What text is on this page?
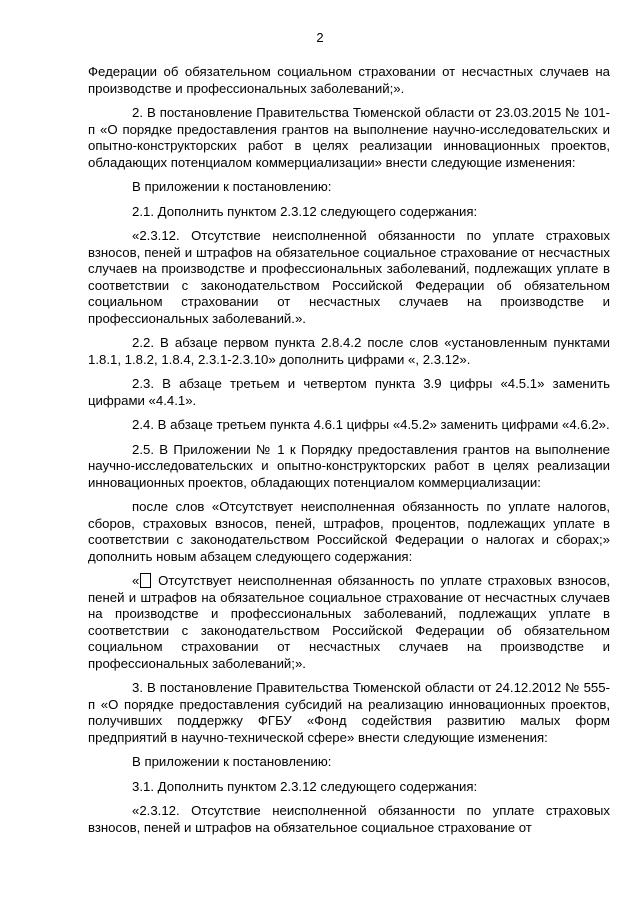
2

Федерации об обязательном социальном страховании от несчастных случаев на производстве и профессиональных заболеваний;».

2. В постановление Правительства Тюменской области от 23.03.2015 № 101-п «О порядке предоставления грантов на выполнение научно-исследовательских и опытно-конструкторских работ в целях реализации инновационных проектов, обладающих потенциалом коммерциализации» внести следующие изменения:

В приложении к постановлению:

2.1. Дополнить пунктом 2.3.12 следующего содержания:

«2.3.12. Отсутствие неисполненной обязанности по уплате страховых взносов, пеней и штрафов на обязательное социальное страхование от несчастных случаев на производстве и профессиональных заболеваний, подлежащих уплате в соответствии с законодательством Российской Федерации об обязательном социальном страховании от несчастных случаев на производстве и профессиональных заболеваний.».

2.2. В абзаце первом пункта 2.8.4.2 после слов «установленным пунктами 1.8.1, 1.8.2, 1.8.4, 2.3.1-2.3.10» дополнить цифрами «, 2.3.12».

2.3. В абзаце третьем и четвертом пункта 3.9 цифры «4.5.1» заменить цифрами «4.4.1».

2.4. В абзаце третьем пункта 4.6.1 цифры «4.5.2» заменить цифрами «4.6.2».

2.5. В Приложении № 1 к Порядку предоставления грантов на выполнение научно-исследовательских и опытно-конструкторских работ в целях реализации инновационных проектов, обладающих потенциалом коммерциализации:

после слов «Отсутствует неисполненная обязанность по уплате налогов, сборов, страховых взносов, пеней, штрафов, процентов, подлежащих уплате в соответствии с законодательством Российской Федерации о налогах и сборах;» дополнить новым абзацем следующего содержания:

« Отсутствует неисполненная обязанность по уплате страховых взносов, пеней и штрафов на обязательное социальное страхование от несчастных случаев на производстве и профессиональных заболеваний, подлежащих уплате в соответствии с законодательством Российской Федерации об обязательном социальном страховании от несчастных случаев на производстве и профессиональных заболеваний;».

3. В постановление Правительства Тюменской области от 24.12.2012 № 555-п «О порядке предоставления субсидий на реализацию инновационных проектов, получивших поддержку ФГБУ «Фонд содействия развитию малых форм предприятий в научно-технической сфере» внести следующие изменения:

В приложении к постановлению:

3.1. Дополнить пунктом 2.3.12 следующего содержания:

«2.3.12. Отсутствие неисполненной обязанности по уплате страховых взносов, пеней и штрафов на обязательное социальное страхование от
